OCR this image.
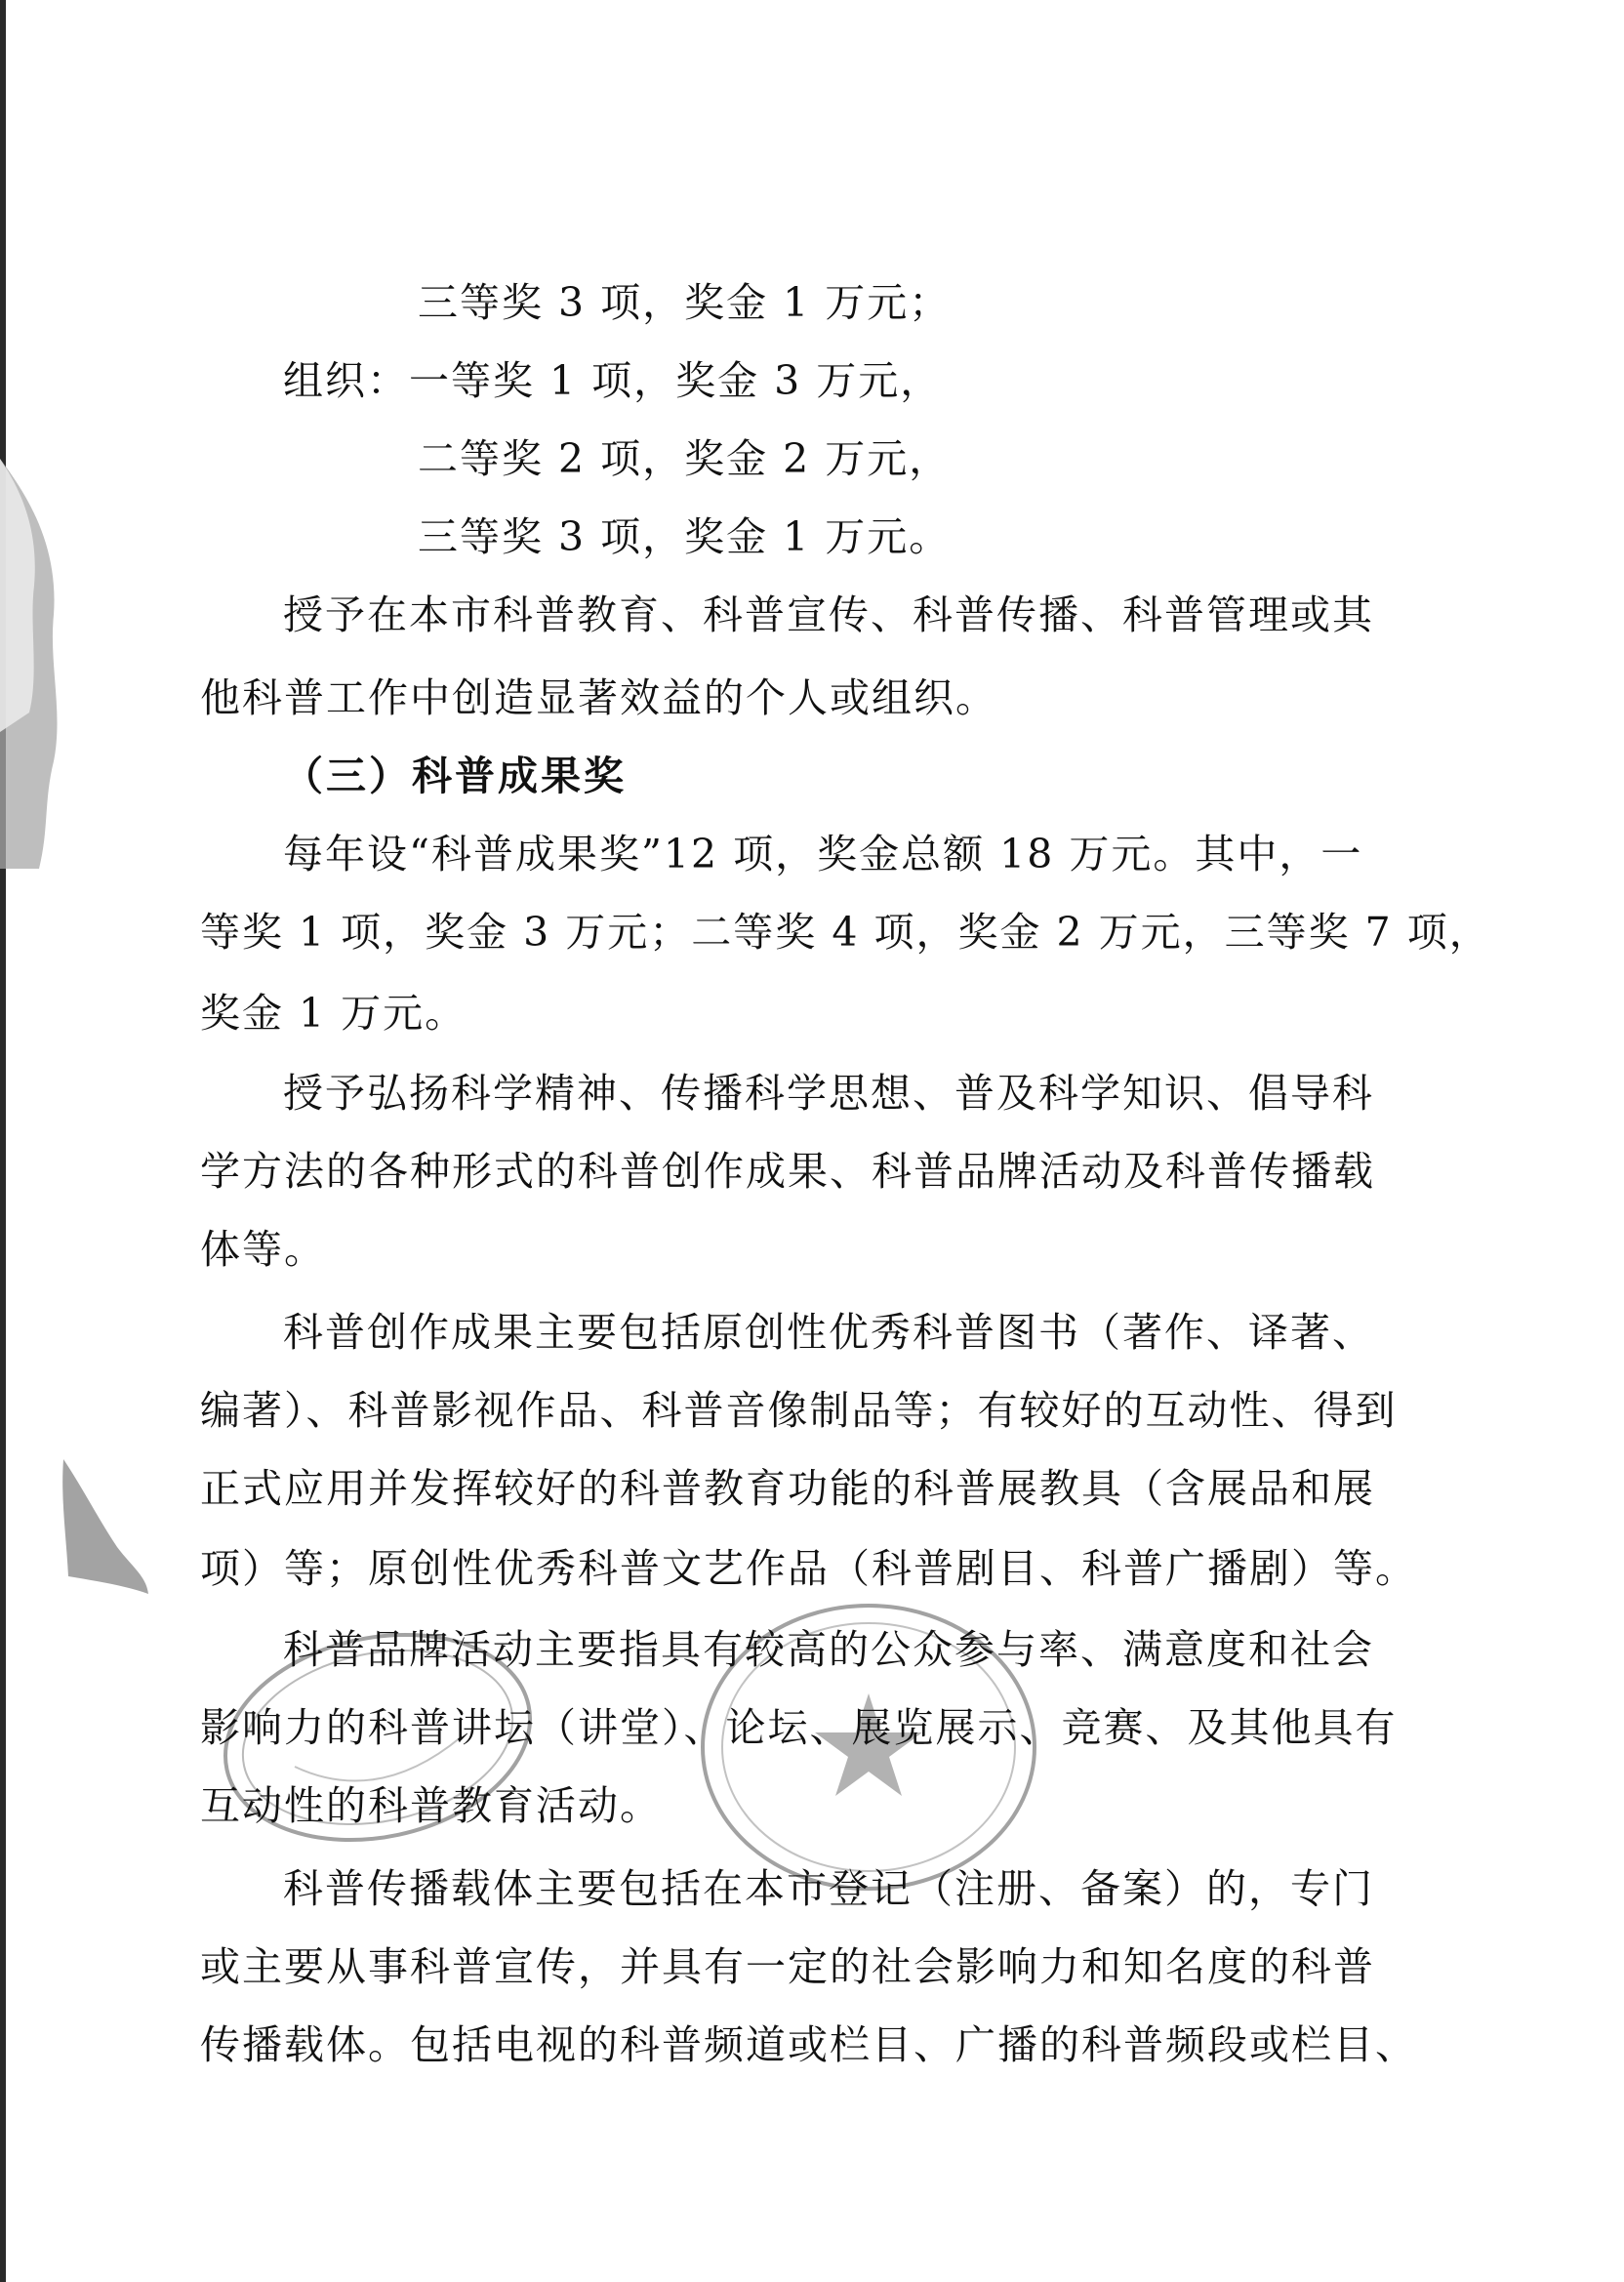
三等奖 3 项，奖金 1 万元；
组织：一等奖 1 项，奖金 3 万元，
二等奖 2 项，奖金 2 万元，
三等奖 3 项，奖金 1 万元。
授予在本市科普教育、科普宣传、科普传播、科普管理或其
他科普工作中创造显著效益的个人或组织。
（三）科普成果奖
每年设“科普成果奖”12 项，奖金总额 18 万元。其中，一
等奖 1 项，奖金 3 万元；二等奖 4 项，奖金 2 万元，三等奖 7 项，
奖金 1 万元。
授予弘扬科学精神、传播科学思想、普及科学知识、倡导科
学方法的各种形式的科普创作成果、科普品牌活动及科普传播载
体等。
科普创作成果主要包括原创性优秀科普图书（著作、译著、
编著）、科普影视作品、科普音像制品等；有较好的互动性、得到
正式应用并发挥较好的科普教育功能的科普展教具（含展品和展
项）等；原创性优秀科普文艺作品（科普剧目、科普广播剧）等。
科普品牌活动主要指具有较高的公众参与率、满意度和社会
影响力的科普讲坛（讲堂）、论坛、展览展示、竞赛、及其他具有
互动性的科普教育活动。
科普传播载体主要包括在本市登记（注册、备案）的，专门
或主要从事科普宣传，并具有一定的社会影响力和知名度的科普
传播载体。包括电视的科普频道或栏目、广播的科普频段或栏目、
